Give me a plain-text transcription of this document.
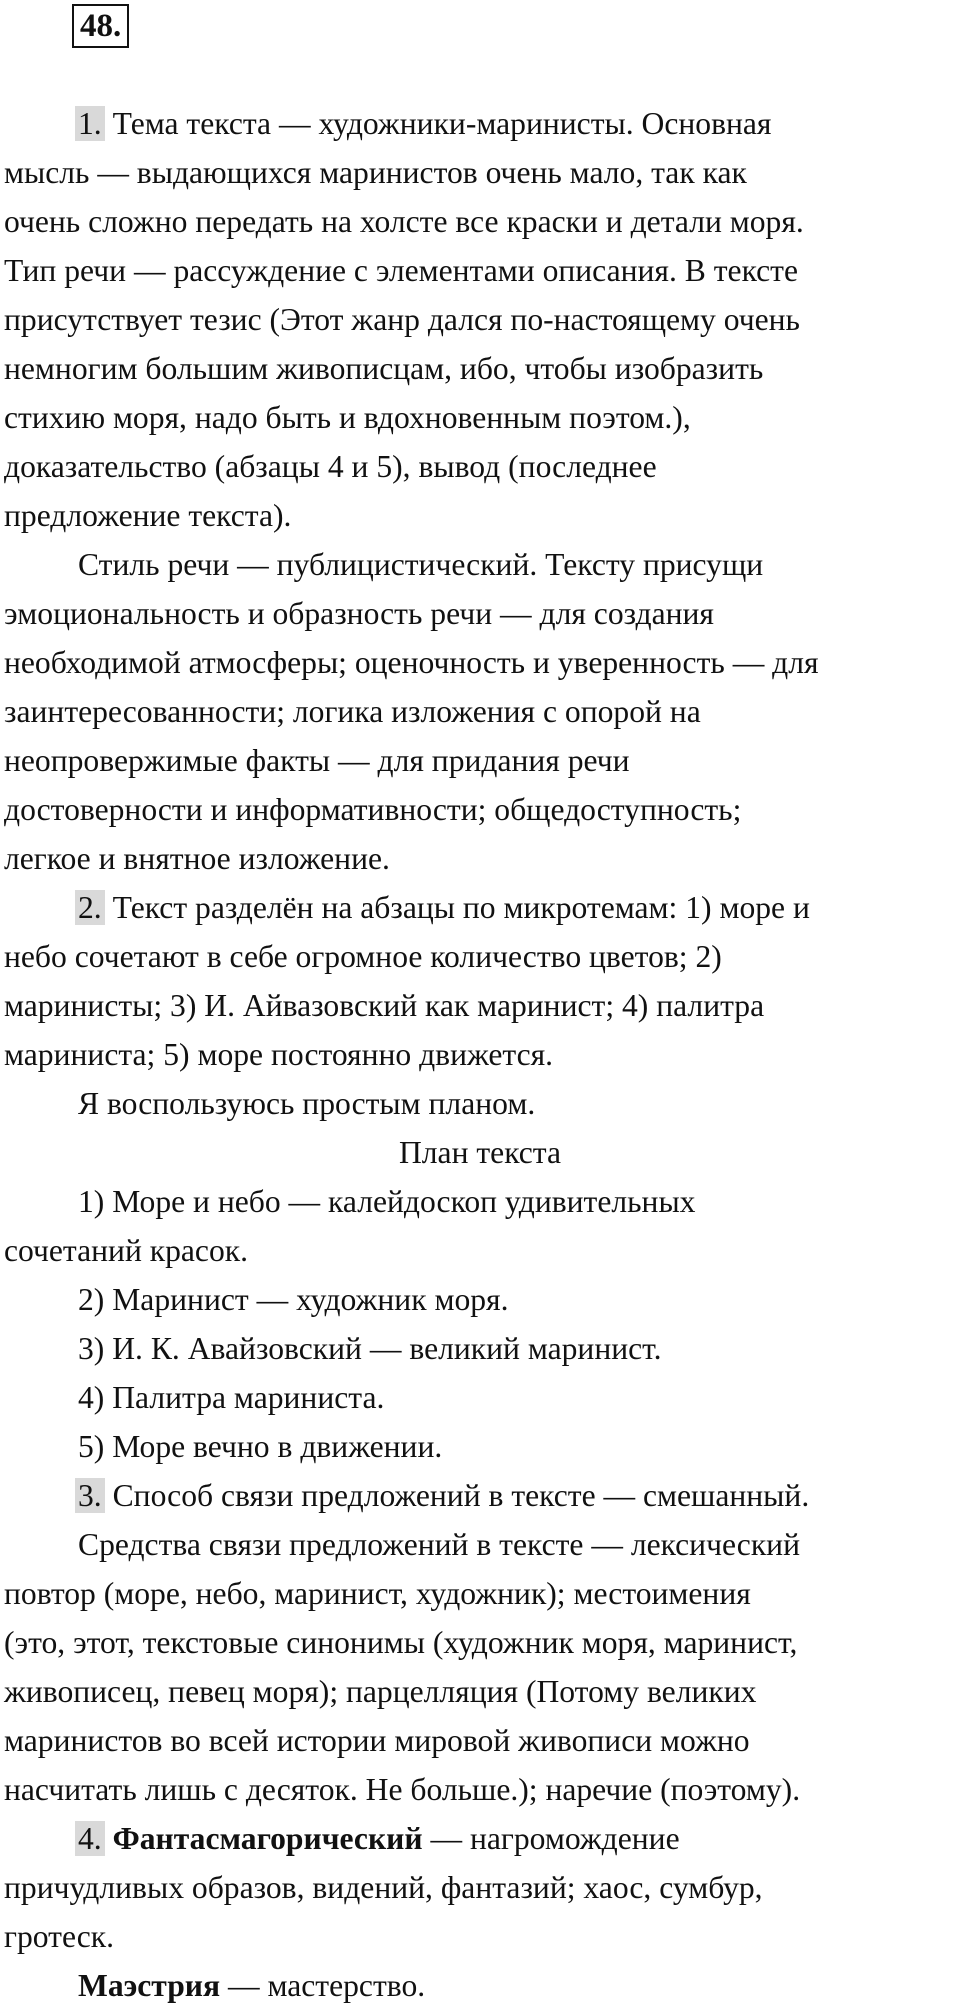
48.

1. Тема текста — художники-маринисты. Основная

мысль — выдающихся маринистов очень мало, так как

очень сложно передать на холсте все краски и детали моря.

Тип речи — рассуждение с элементами описания. В тексте

присутствует тезис (Этот жанр дался по-настоящему очень

немногим большим живописцам, ибо, чтобы изобразить

стихию моря, надо быть и вдохновенным поэтом.),

доказательство (абзацы 4 и 5), вывод (последнее

предложение текста).

Стиль речи — публицистический. Тексту присущи

эмоциональность и образность речи — для создания

необходимой атмосферы; оценочность и уверенность — для

заинтересованности; логика изложения с опорой на

неопровержимые факты — для придания речи

достоверности и информативности; общедоступность;

легкое и внятное изложение.

2. Текст разделён на абзацы по микротемам: 1) море и

небо сочетают в себе огромное количество цветов; 2)

маринисты; 3) И. Айвазовский как маринист; 4) палитра

мариниста; 5) море постоянно движется.

Я воспользуюсь простым планом.

План текста

1) Море и небо — калейдоскоп удивительных

сочетаний красок.

2) Маринист — художник моря.

3) И. К. Авайзовский — великий маринист.

4) Палитра мариниста.

5) Море вечно в движении.

3. Способ связи предложений в тексте — смешанный.

Средства связи предложений в тексте — лексический

повтор (море, небо, маринист, художник); местоимения

(это, этот, текстовые синонимы (художник моря, маринист,

живописец, певец моря); парцелляция (Потому великих

маринистов во всей истории мировой живописи можно

насчитать лишь с десяток. Не больше.); наречие (поэтому).

4. Фантасмагорический — нагромождение

причудливых образов, видений, фантазий; хаос, сумбур,

гротеск.

Маэстрия — мастерство.
